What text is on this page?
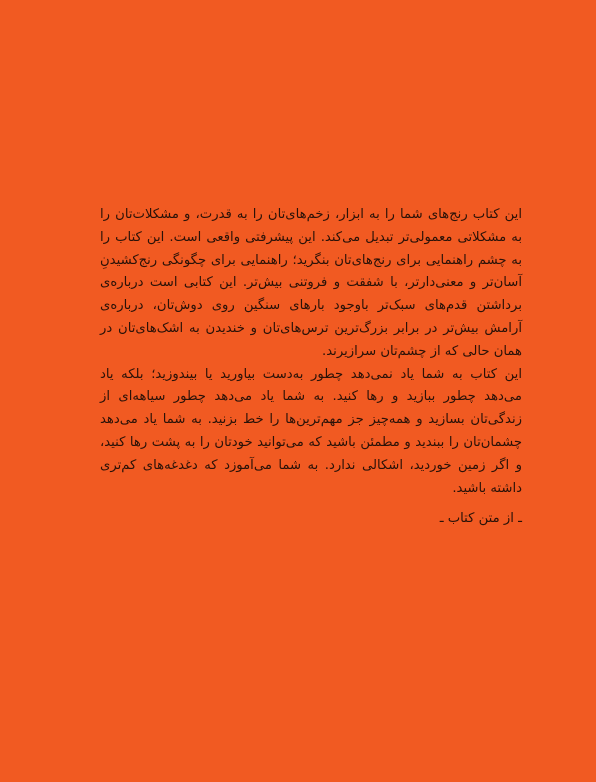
این کتاب رنج‌های شما را به ابزار، زخم‌های‌تان را به قدرت، و مشکلات‌تان را به مشکلاتی معمولی‌تر تبدیل می‌کند. این پیشرفتی واقعی است. این کتاب را به چشم راهنمایی برای رنج‌های‌تان بنگرید؛ راهنمایی برای چگونگی رنج‌کشیدنِ آسان‌تر و معنی‌دارتر، با شفقت و فروتنی بیش‌تر. این کتابی است درباره‌ی برداشتن قدم‌های سبک‌تر باوجود بارهای سنگین روی دوش‌تان، درباره‌ی آرامش بیش‌تر در برابر بزرگ‌ترین ترس‌های‌تان و خندیدن به اشک‌های‌تان در همان حالی که از چشم‌تان سرازیرند.

این کتاب به شما یاد نمی‌دهد چطور به‌دست بیاورید یا بیندوزید؛ بلکه یاد می‌دهد چطور ببازید و رها کنید. به شما یاد می‌دهد چطور سیاهه‌ای از زندگی‌تان بسازید و همه‌چیز جز مهم‌ترین‌ها را خط بزنید. به شما یاد می‌دهد چشمان‌تان را ببندید و مطمئن باشید که می‌توانید خودتان را به پشت رها کنید، و اگر زمین خوردید، اشکالی ندارد. به شما می‌آموزد که دغدغه‌های کم‌تری داشته باشید.

ـ از متن کتاب ـ
